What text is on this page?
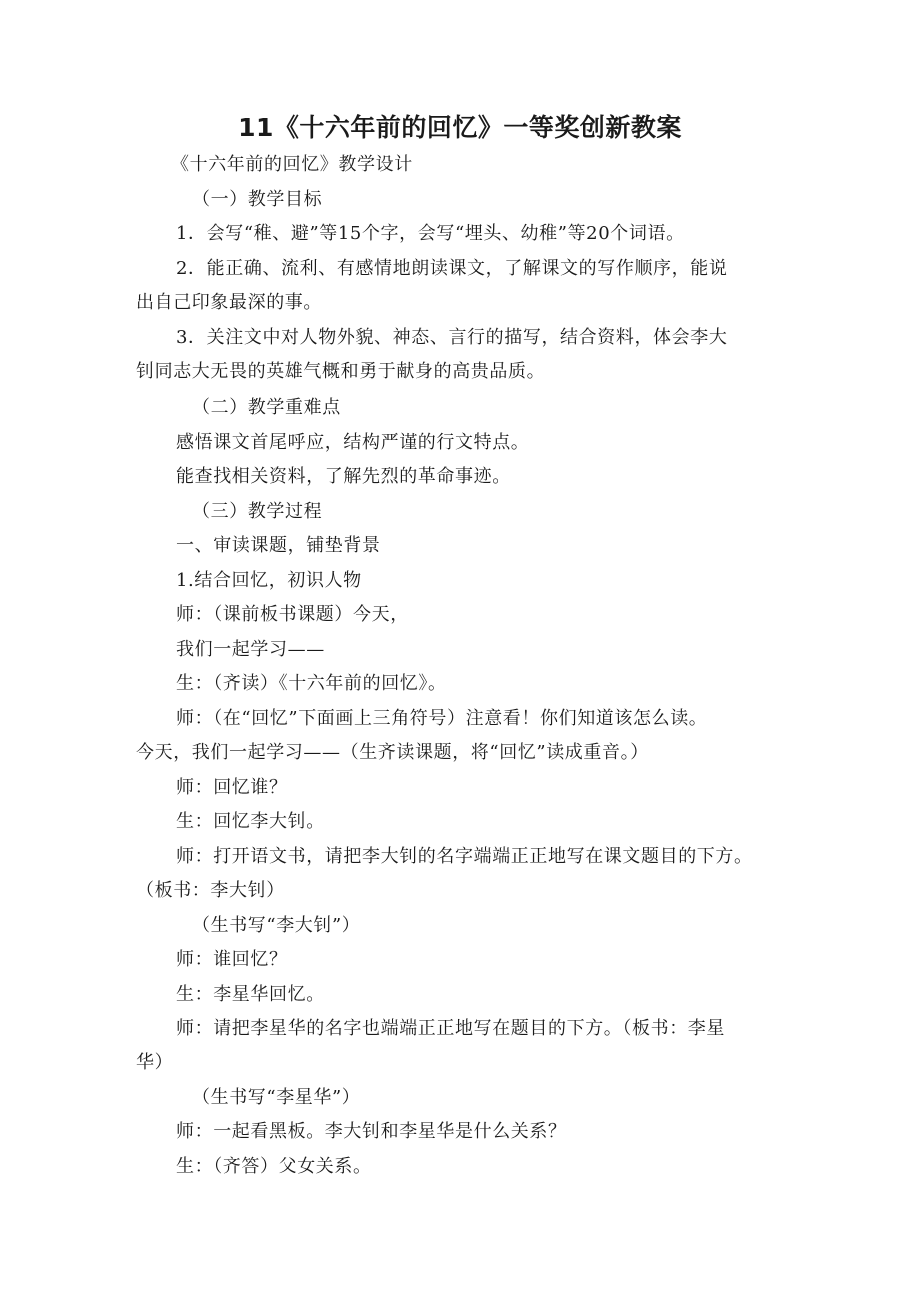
11《十六年前的回忆》一等奖创新教案
《十六年前的回忆》教学设计
（一）教学目标
1．会写“稚、避”等15个字，会写“埋头、幼稚”等20个词语。
2．能正确、流利、有感情地朗读课文，了解课文的写作顺序，能说
出自己印象最深的事。
3．关注文中对人物外貌、神态、言行的描写，结合资料，体会李大
钊同志大无畏的英雄气概和勇于献身的高贵品质。
（二）教学重难点
感悟课文首尾呼应，结构严谨的行文特点。
能查找相关资料，了解先烈的革命事迹。
（三）教学过程
一、审读课题，铺垫背景
1.结合回忆，初识人物
师：（课前板书课题）今天，
我们一起学习——
生：（齐读）《十六年前的回忆》。
师：（在“回忆”下面画上三角符号）注意看！你们知道该怎么读。
今天，我们一起学习——（生齐读课题，将“回忆”读成重音。）
师：回忆谁？
生：回忆李大钊。
师：打开语文书，请把李大钊的名字端端正正地写在课文题目的下方。
（板书：李大钊）
（生书写“李大钊”）
师：谁回忆？
生：李星华回忆。
师：请把李星华的名字也端端正正地写在题目的下方。（板书：李星
华）
（生书写“李星华”）
师：一起看黑板。李大钊和李星华是什么关系？
生：（齐答）父女关系。
